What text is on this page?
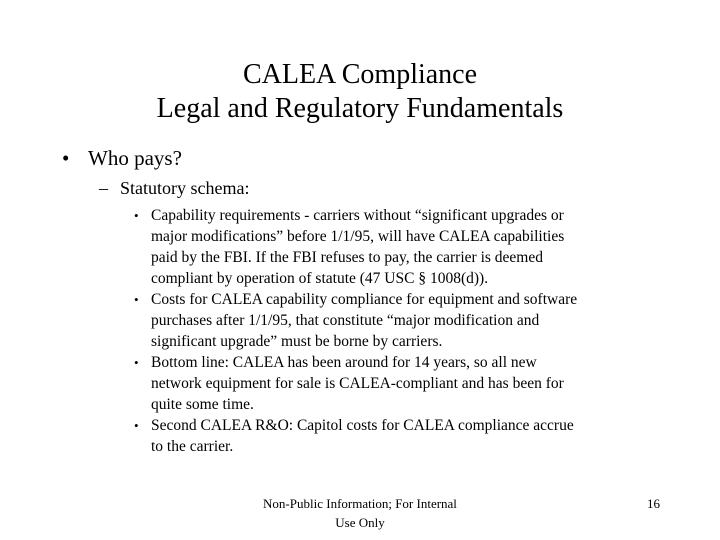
CALEA Compliance
Legal and Regulatory Fundamentals
• Who pays?
– Statutory schema:
• Capability requirements - carriers without “significant upgrades or
major modifications” before 1/1/95, will have CALEA capabilities
paid by the FBI. If the FBI refuses to pay, the carrier is deemed
compliant by operation of statute (47 USC § 1008(d)).
• Costs for CALEA capability compliance for equipment and software
purchases after 1/1/95, that constitute “major modification and
significant upgrade” must be borne by carriers.
• Bottom line: CALEA has been around for 14 years, so all new
network equipment for sale is CALEA-compliant and has been for
quite some time.
• Second CALEA R&O: Capitol costs for CALEA compliance accrue
to the carrier.
Non-Public Information; For Internal
Use Only
16
